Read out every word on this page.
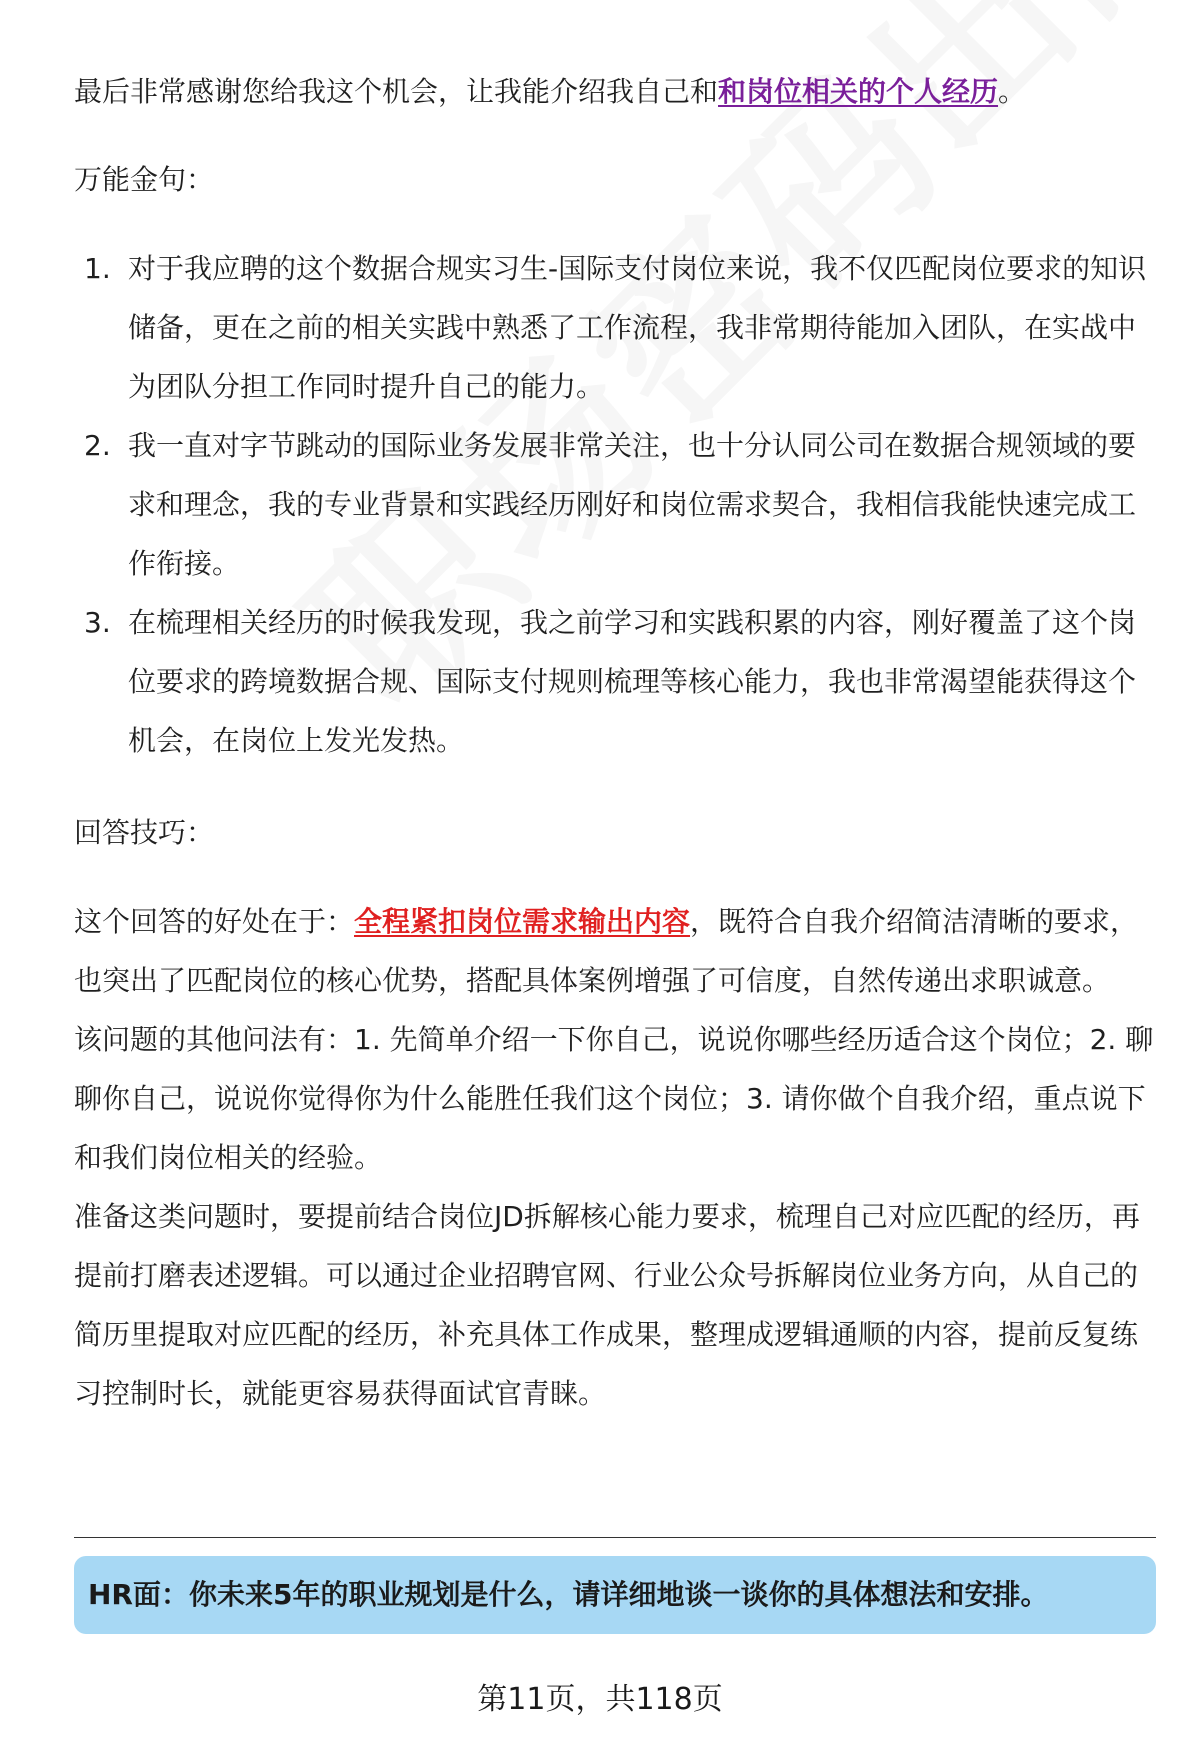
最后非常感谢您给我这个机会，让我能介绍我自己和和岗位相关的个人经历。

万能金句：

1. 对于我应聘的这个数据合规实习生-国际支付岗位来说，我不仅匹配岗位要求的知识储备，更在之前的相关实践中熟悉了工作流程，我非常期待能加入团队，在实战中为团队分担工作同时提升自己的能力。

2. 我一直对字节跳动的国际业务发展非常关注，也十分认同公司在数据合规领域的要求和理念，我的专业背景和实践经历刚好和岗位需求契合，我相信我能快速完成工作衔接。

3. 在梳理相关经历的时候我发现，我之前学习和实践积累的内容，刚好覆盖了这个岗位要求的跨境数据合规、国际支付规则梳理等核心能力，我也非常渴望能获得这个机会，在岗位上发光发热。

回答技巧：

这个回答的好处在于：全程紧扣岗位需求输出内容，既符合自我介绍简洁清晰的要求，也突出了匹配岗位的核心优势，搭配具体案例增强了可信度，自然传递出求职诚意。

该问题的其他问法有：1. 先简单介绍一下你自己，说说你哪些经历适合这个岗位；2. 聊聊你自己，说说你觉得你为什么能胜任我们这个岗位；3. 请你做个自我介绍，重点说下和我们岗位相关的经验。

准备这类问题时，要提前结合岗位JD拆解核心能力要求，梳理自己对应匹配的经历，再提前打磨表述逻辑。可以通过企业招聘官网、行业公众号拆解岗位业务方向，从自己的简历里提取对应匹配的经历，补充具体工作成果，整理成逻辑通顺的内容，提前反复练习控制时长，就能更容易获得面试官青睐。

HR面：你未来5年的职业规划是什么，请详细地谈一谈你的具体想法和安排。
第11页，共118页
